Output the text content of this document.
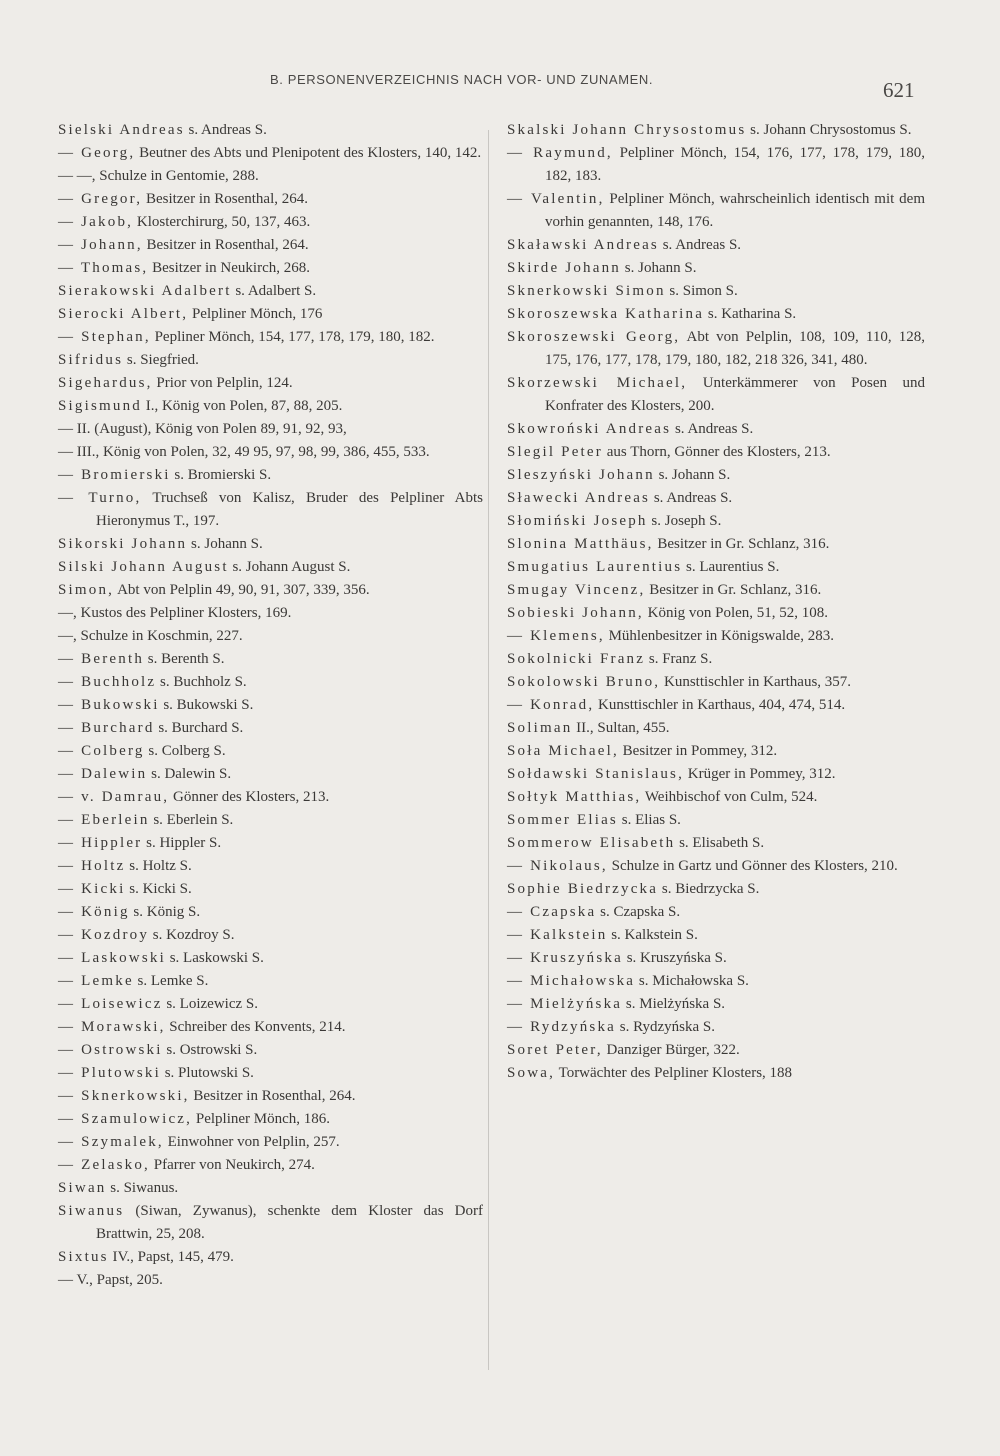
B. PERSONENVERZEICHNIS NACH VOR- UND ZUNAMEN.	621

Sielski Andreas s. Andreas S.

— Georg, Beutner des Abts und Plenipotent des Klosters, 140, 142.

— —, Schulze in Gentomie, 288.

— Gregor, Besitzer in Rosenthal, 264.

— Jakob, Klosterchirurg, 50, 137, 463.

— Johann, Besitzer in Rosenthal, 264.

— Thomas, Besitzer in Neukirch, 268.

Sierakowski Adalbert s. Adalbert S.

Sierocki Albert, Pelpliner Mönch, 176

— Stephan, Pepliner Mönch, 154, 177, 178, 179, 180, 182.

Sifridus s. Siegfried.

Sigehardus, Prior von Pelplin, 124.

Sigismund I., König von Polen, 87, 88, 205.

— II. (August), König von Polen 89, 91, 92, 93,

— III., König von Polen, 32, 49 95, 97, 98, 99, 386, 455, 533.

— Bromierski s. Bromierski S.

— Turno, Truchseß von Kalisz, Bruder des Pelpliner Abts Hieronymus T., 197.

Sikorski Johann s. Johann S.

Silski Johann August s. Johann August S.

Simon, Abt von Pelplin 49, 90, 91, 307, 339, 356.

—, Kustos des Pelpliner Klosters, 169.

—, Schulze in Koschmin, 227.

— Berenth s. Berenth S.

— Buchholz s. Buchholz S.

— Bukowski s. Bukowski S.

— Burchard s. Burchard S.

— Colberg s. Colberg S.

— Dalewin s. Dalewin S.

— v. Damrau, Gönner des Klosters, 213.

— Eberlein s. Eberlein S.

— Hippler s. Hippler S.

— Holtz s. Holtz S.

— Kicki s. Kicki S.

— König s. König S.

— Kozdroy s. Kozdroy S.

— Laskowski s. Laskowski S.

— Lemke s. Lemke S.

— Loisewicz s. Loizewicz S.

— Morawski, Schreiber des Konvents, 214.

— Ostrowski s. Ostrowski S.

— Plutowski s. Plutowski S.

— Sknerkowski, Besitzer in Rosenthal, 264.

— Szamulowicz, Pelpliner Mönch, 186.

— Szymalek, Einwohner von Pelplin, 257.

— Zelasko, Pfarrer von Neukirch, 274.

Siwan s. Siwanus.

Siwanus (Siwan, Zywanus), schenkte dem Kloster das Dorf Brattwin, 25, 208.

Sixtus IV., Papst, 145, 479.

— V., Papst, 205.

Skalski Johann Chrysostomus s. Johann Chrysostomus S.

— Raymund, Pelpliner Mönch, 154, 176, 177, 178, 179, 180, 182, 183.

— Valentin, Pelpliner Mönch, wahrscheinlich identisch mit dem vorhin genannten, 148, 176.

Skaławski Andreas s. Andreas S.

Skirde Johann s. Johann S.

Sknerkowski Simon s. Simon S.

Skoroszewska Katharina s. Katharina S.

Skoroszewski Georg, Abt von Pelplin, 108, 109, 110, 128, 175, 176, 177, 178, 179, 180, 182, 218 326, 341, 480.

Skorzewski Michael, Unterkämmerer von Posen und Konfrater des Klosters, 200.

Skowroński Andreas s. Andreas S.

Slegil Peter aus Thorn, Gönner des Klosters, 213.

Sleszyński Johann s. Johann S.

Sławecki Andreas s. Andreas S.

Słomiński Joseph s. Joseph S.

Slonina Matthäus, Besitzer in Gr. Schlanz, 316.

Smugatius Laurentius s. Laurentius S.

Smugay Vincenz, Besitzer in Gr. Schlanz, 316.

Sobieski Johann, König von Polen, 51, 52, 108.

— Klemens, Mühlenbesitzer in Königswalde, 283.

Sokolnicki Franz s. Franz S.

Sokolowski Bruno, Kunsttischler in Karthaus, 357.

— Konrad, Kunsttischler in Karthaus, 404, 474, 514.

Soliman II., Sultan, 455.

Soła Michael, Besitzer in Pommey, 312.

Sołdawski Stanislaus, Krüger in Pommey, 312.

Sołtyk Matthias, Weihbischof von Culm, 524.

Sommer Elias s. Elias S.

Sommerow Elisabeth s. Elisabeth S.

— Nikolaus, Schulze in Gartz und Gönner des Klosters, 210.

Sophie Biedrzycka s. Biedrzycka S.

— Czapska s. Czapska S.

— Kalkstein s. Kalkstein S.

— Kruszyńska s. Kruszyńska S.

— Michałowska s. Michałowska S.

— Mielżyńska s. Mielżyńska S.

— Rydzyńska s. Rydzyńska S.

Soret Peter, Danziger Bürger, 322.

Sowa, Torwächter des Pelpliner Klosters, 188
